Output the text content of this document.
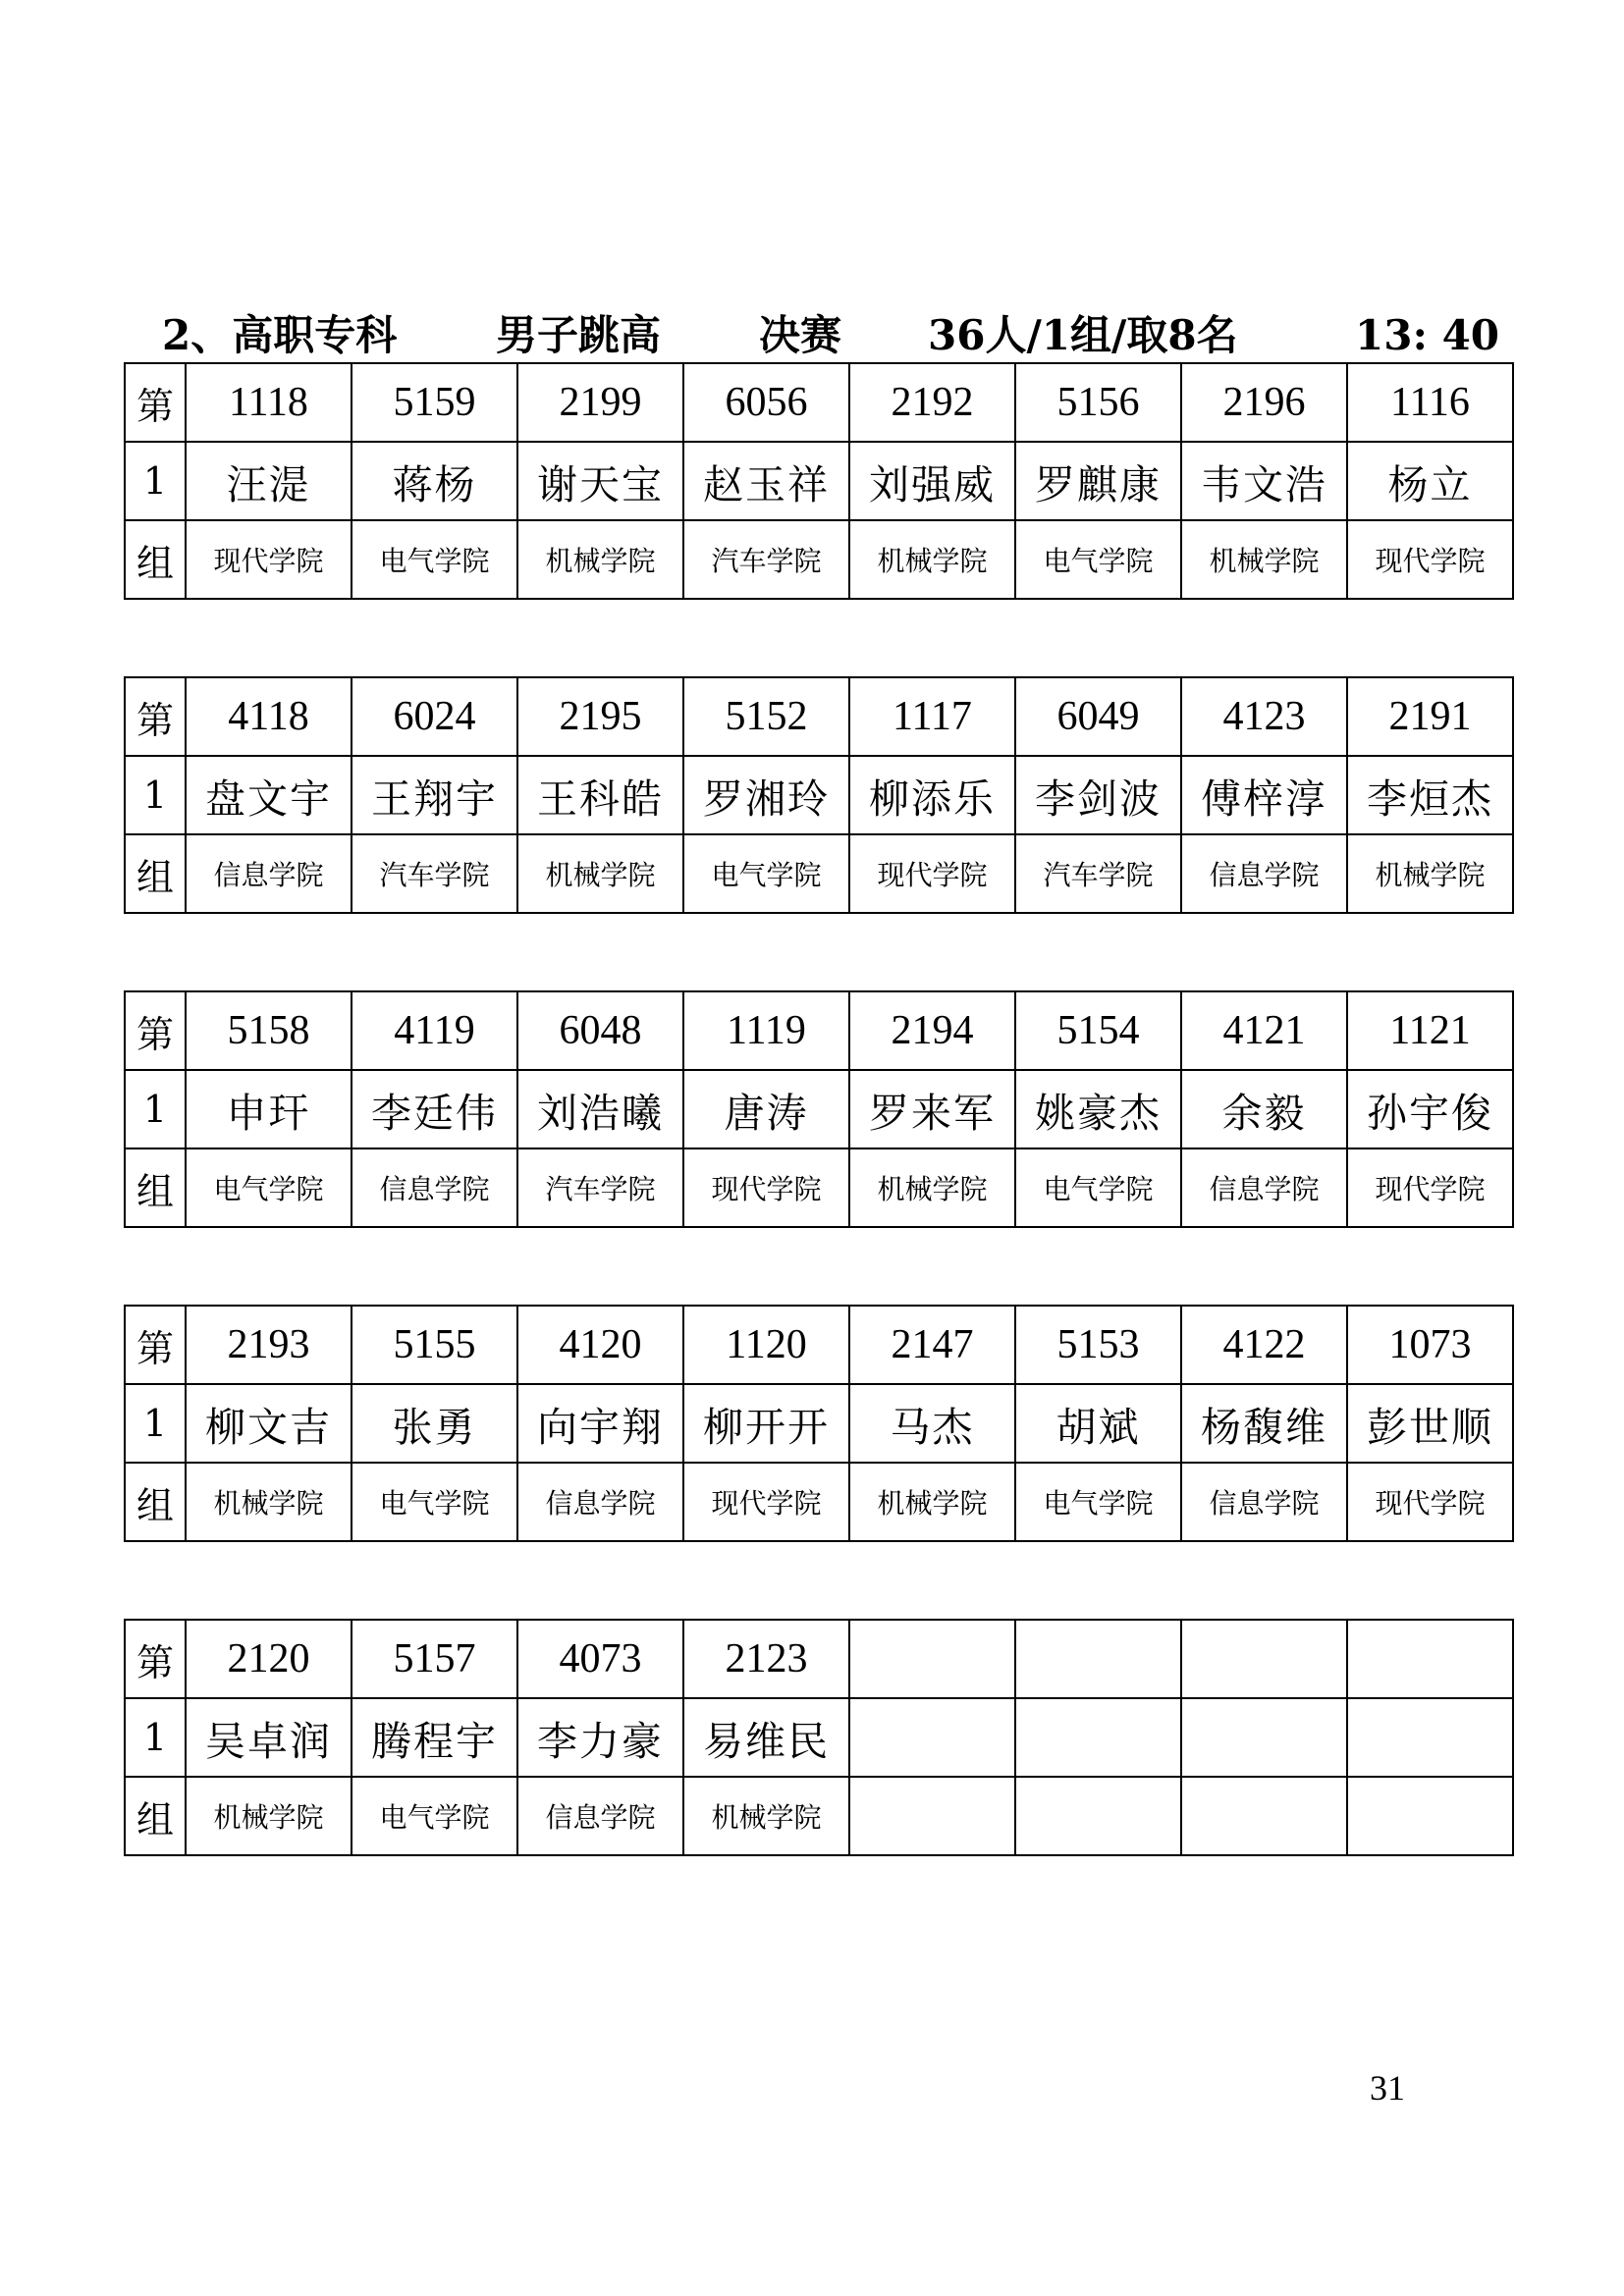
2、高职专科 男子跳高 决赛 36人/1组/取8名	13: 40
第	1118	5159	2199	6056	2192	5156	2196	1116
1	汪湜	蒋杨	谢天宝	赵玉祥	刘强威	罗麒康	韦文浩	杨立
组	现代学院	电气学院	机械学院	汽车学院	机械学院	电气学院	机械学院	现代学院
第	4118	6024	2195	5152	1117	6049	4123	2191
1	盘文宇	王翔宇	王科皓	罗湘玲	柳添乐	李剑波	傅梓淳	李烜杰
组	信息学院	汽车学院	机械学院	电气学院	现代学院	汽车学院	信息学院	机械学院
第	5158	4119	6048	1119	2194	5154	4121	1121
1	申玕	李廷伟	刘浩曦	唐涛	罗来军	姚豪杰	余毅	孙宇俊
组	电气学院	信息学院	汽车学院	现代学院	机械学院	电气学院	信息学院	现代学院
第	2193	5155	4120	1120	2147	5153	4122	1073
1	柳文吉	张勇	向宇翔	柳开开	马杰	胡斌	杨馥维	彭世顺
组	机械学院	电气学院	信息学院	现代学院	机械学院	电气学院	信息学院	现代学院
第	2120	5157	4073	2123				
1	吴卓润	腾程宇	李力豪	易维民				
组	机械学院	电气学院	信息学院	机械学院				
31
